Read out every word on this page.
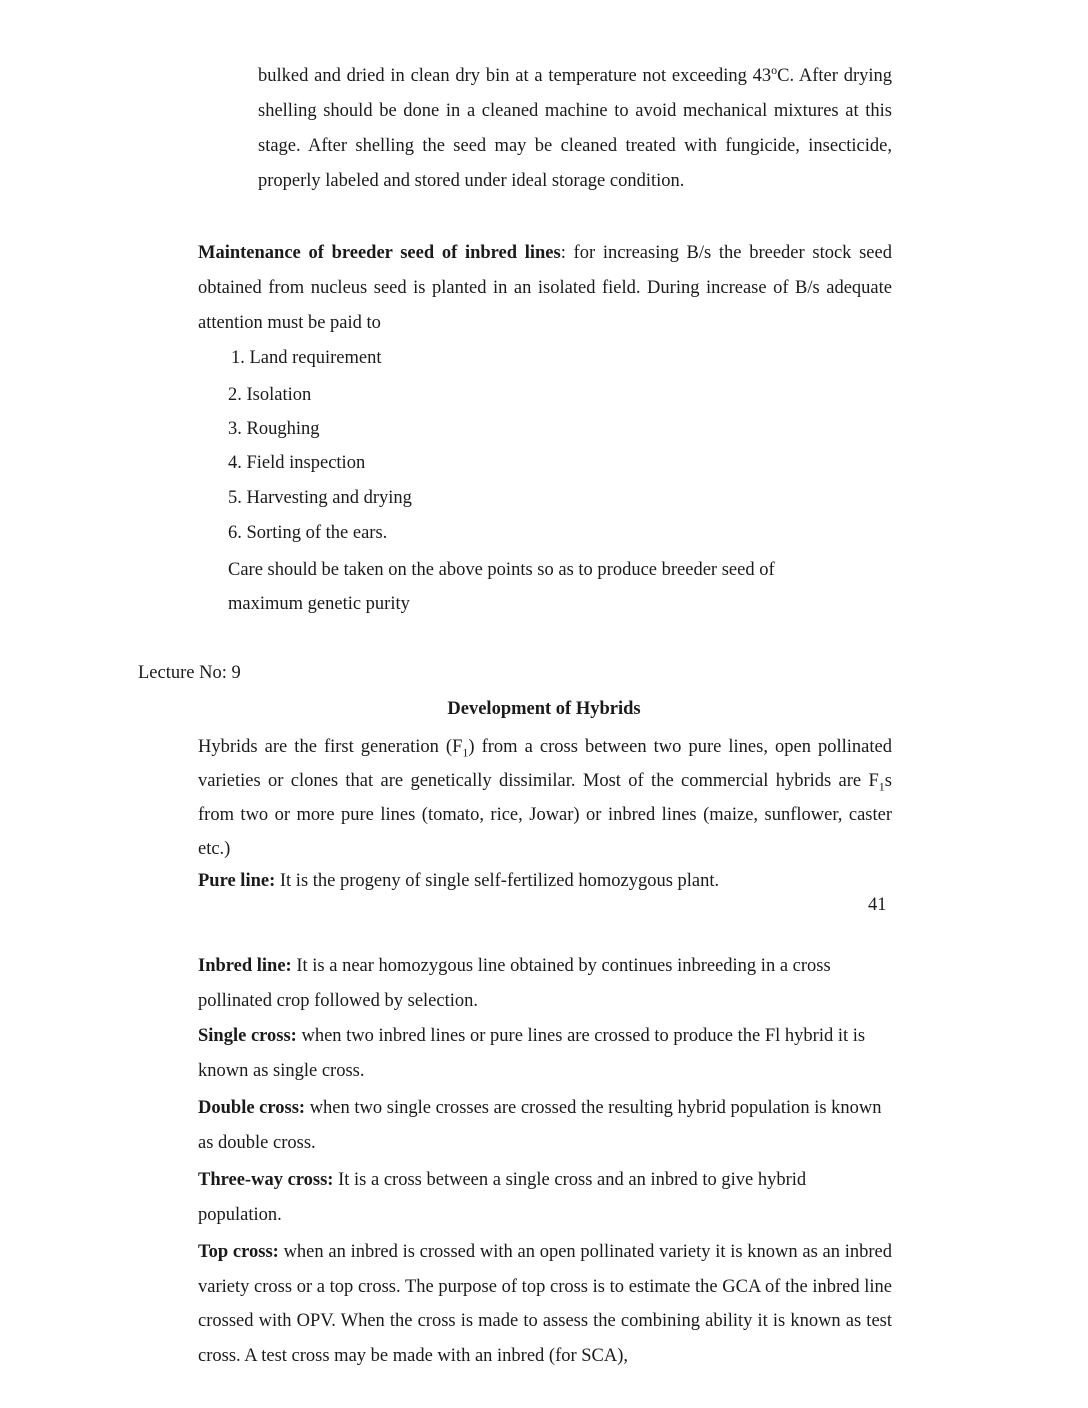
bulked and dried in clean dry bin at a temperature not exceeding 43$^o$C. After drying shelling should be done in a cleaned machine to avoid mechanical mixtures at this stage. After shelling the seed may be cleaned treated with fungicide, insecticide, properly labeled and stored under ideal storage condition.

Maintenance of breeder seed of inbred lines: for increasing B/s the breeder stock seed obtained from nucleus seed is planted in an isolated field. During increase of B/s adequate attention must be paid to

1. Land requirement
2. Isolation
3. Roughing
4. Field inspection
5. Harvesting and drying
6. Sorting of the ears.

Care should be taken on the above points so as to produce breeder seed of maximum genetic purity

Lecture No: 9
Development of Hybrids

Hybrids are the first generation $(F_1)$ from a cross between two pure lines, open pollinated varieties or clones that are genetically dissimilar. Most of the commercial hybrids are $F_1s$ from two or more pure lines (tomato, rice, Jowar) or inbred lines (maize, sunflower, caster etc.)

Pure line: It is the progeny of single self-fertilized homozygous plant.
41

Inbred line: It is a near homozygous line obtained by continues inbreeding in a cross pollinated crop followed by selection.

Single cross: when two inbred lines or pure lines are crossed to produce the Fl hybrid it is known as single cross.

Double cross: when two single crosses are crossed the resulting hybrid population is known as double cross.

Three-way cross: It is a cross between a single cross and an inbred to give hybrid population.

Top cross: when an inbred is crossed with an open pollinated variety it is known as an inbred variety cross or a top cross. The purpose of top cross is to estimate the GCA of the inbred line crossed with OPV. When the cross is made to assess the combining ability it is known as test cross. A test cross may be made with an inbred (for SCA),
